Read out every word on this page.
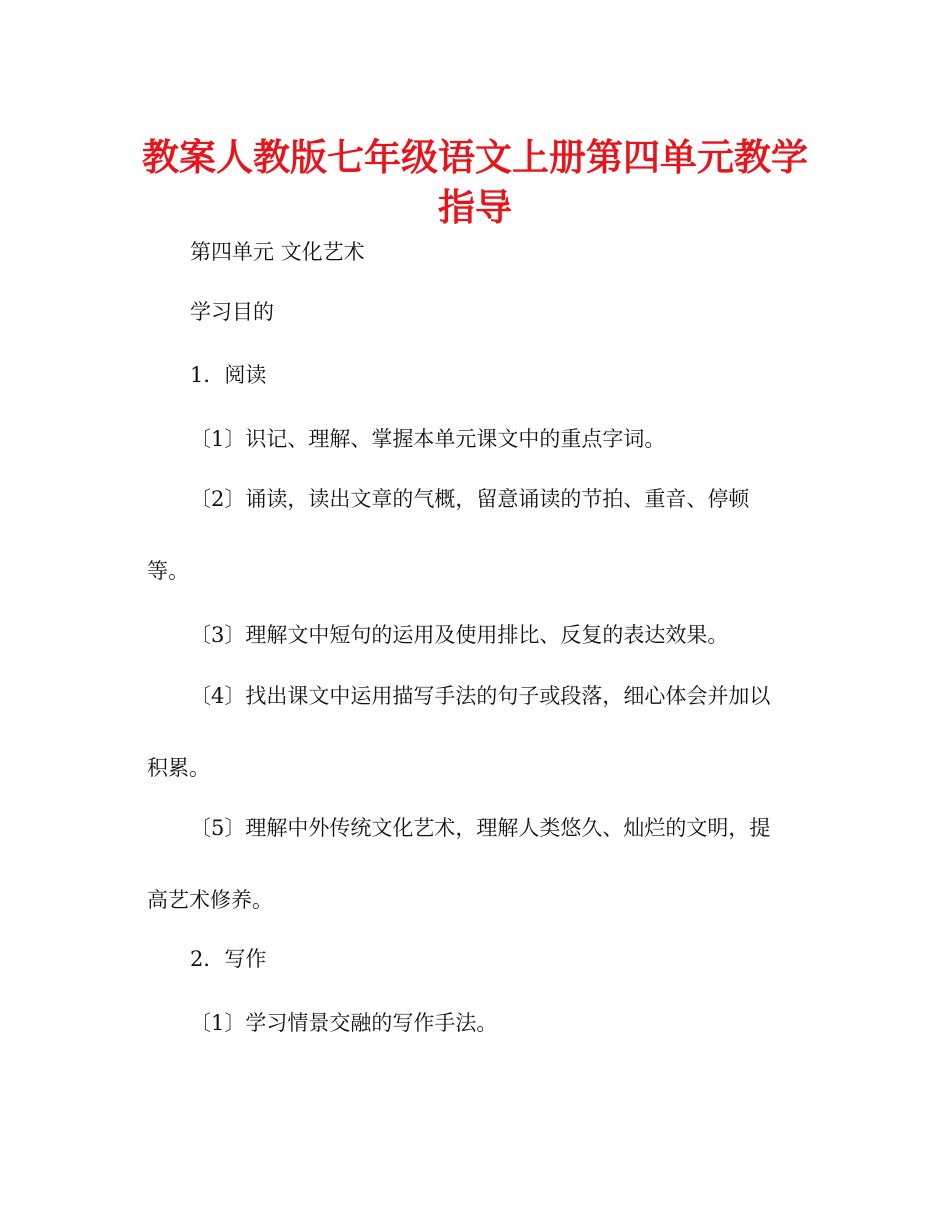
教案人教版七年级语文上册第四单元教学
指导
第四单元 文化艺术
学习目的
1．阅读
〔1〕识记、理解、掌握本单元课文中的重点字词。
〔2〕诵读，读出文章的气概，留意诵读的节拍、重音、停顿
等。
〔3〕理解文中短句的运用及使用排比、反复的表达效果。
〔4〕找出课文中运用描写手法的句子或段落，细心体会并加以
积累。
〔5〕理解中外传统文化艺术，理解人类悠久、灿烂的文明，提
高艺术修养。
2．写作
〔1〕学习情景交融的写作手法。
